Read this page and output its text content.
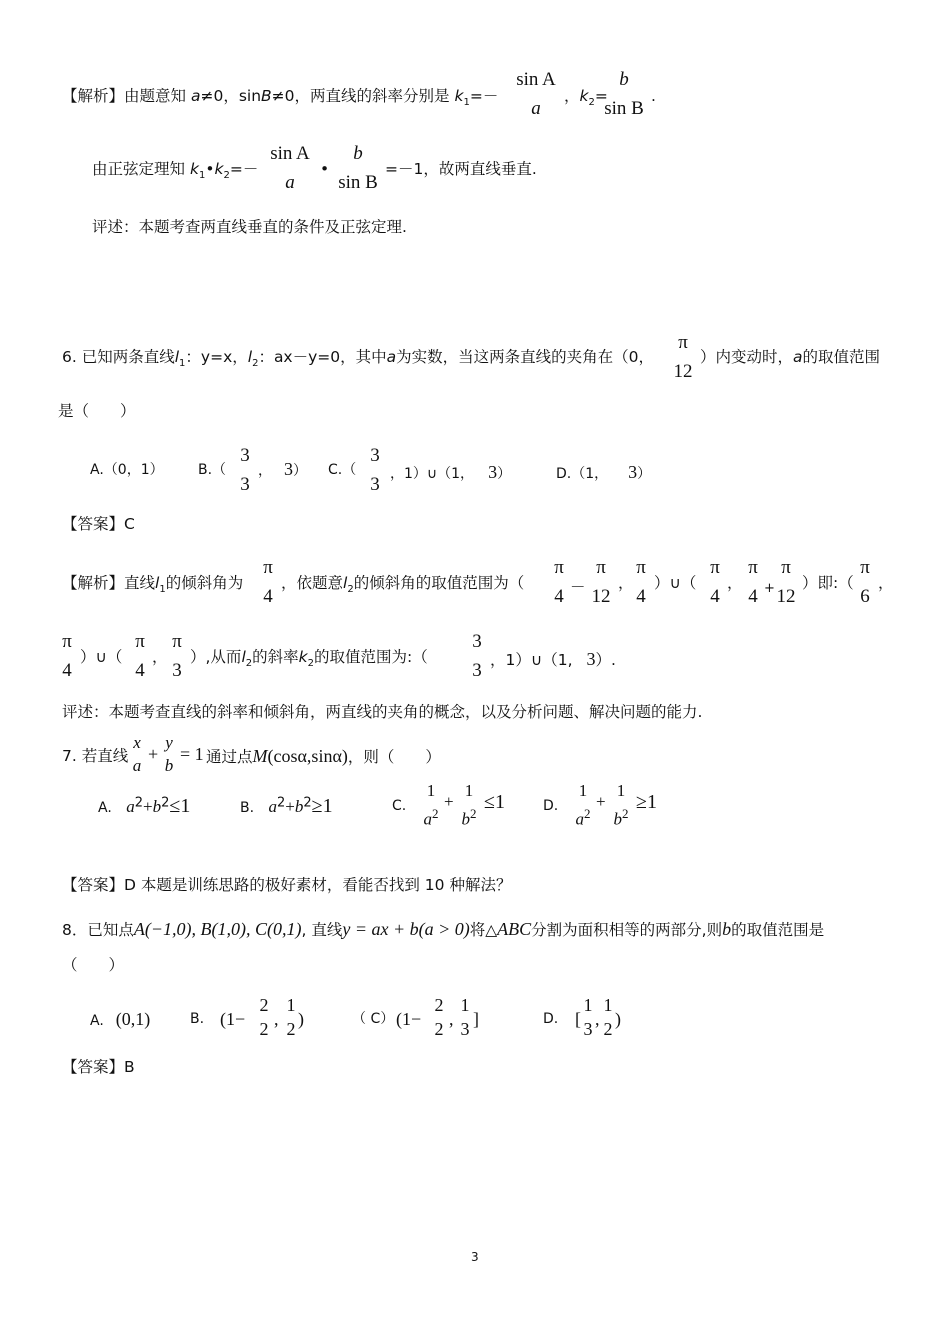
【解析】由题意知 a≠0，sinB≠0，两直线的斜率分别是 $k_1=-$
sin A
a
，$k_2=$
b
sin B
.
由正弦定理知 $k_1•k_2=-$
sin A
a
•
b
sin B
=－1，故两直线垂直.
评述：本题考查两直线垂直的条件及正弦定理.
6. 已知两条直线$l_1$：y=x，$l_2$：ax－y=0，其中a为实数，当这两条直线的夹角在（0，
π
12
）内变动时，a的取值范围
是（　　）
A.（0，1） B.（
3
3
， 3） C.（
3
3 ，1）∪（1， 3）	D.（1， 3）
【答案】C
【解析】直线$l_1$的倾斜角为
π
4
，依题意$l_2$的倾斜角的取值范围为（
π
4 －
π
12
，
π
4
）∪（
π
4
，
π
4 +
π
12
）即:（
π
6
，
π
4
）∪（
π
4
，
π
3
）,从而$l_2$的斜率$k_2$的取值范围为:（
3
3 ，1）∪（1, 3）.
评述：本题考查直线的斜率和倾斜角，两直线的夹角的概念，以及分析问题、解决问题的能力.
7. 若直线
x
a
+
y
b
= 1 通过点M(cosα,sinα)，则（　　）
A. $a^2+b^2\le 1$	B. $a^2+b^2\ge 1$	C.
1
$a^2$
+
1
$b^2$
≤1	D.
1
$a^2$
+
1
$b^2$
≥1
【答案】D 本题是训练思路的极好素材，看能否找到 10 种解法？
8．已知点A(−1,0), B(1,0), C(0,1), 直线y = ax + b(a > 0)将△ABC分割为面积相等的两部分,则b的取值范围是
（　　）
A. (0,1)	B. (1−
2
2 ,
1
2 )	（ C） (1−
2
2 ,
1
3 ]	D. [
1
3 ,
1
2 )
【答案】B
3
